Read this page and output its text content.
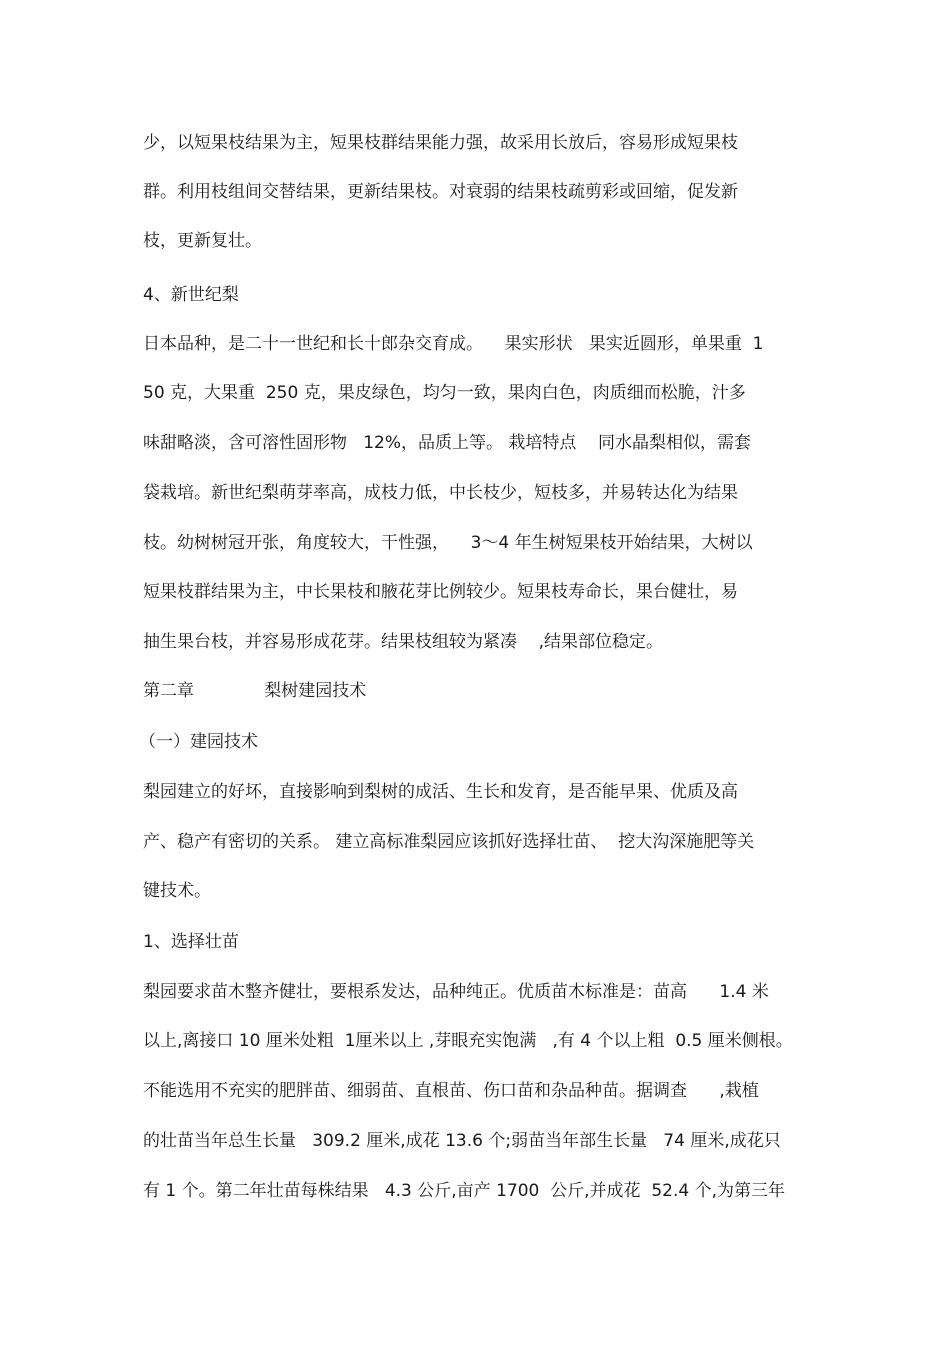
少，以短果枝结果为主，短果枝群结果能力强，故采用长放后，容易形成短果枝
群。利用枝组间交替结果，更新结果枝。对衰弱的结果枝疏剪彩或回缩，促发新
枝，更新复壮。
4、新世纪梨
日本品种，是二十一世纪和长十郎杂交育成。    果实形状   果实近圆形，单果重  1
50 克，大果重  250 克，果皮绿色，均匀一致，果肉白色，肉质细而松脆，汁多
味甜略淡，含可溶性固形物   12%，品质上等。 栽培特点    同水晶梨相似，需套
袋栽培。新世纪梨萌芽率高，成枝力低，中长枝少，短枝多，并易转达化为结果
枝。幼树树冠开张，角度较大，干性强，    3～4 年生树短果枝开始结果，大树以
短果枝群结果为主，中长果枝和腋花芽比例较少。短果枝寿命长，果台健壮，易
抽生果台枝，并容易形成花芽。结果枝组较为紧凑    ,结果部位稳定。
第二章             梨树建园技术
（一）建园技术
梨园建立的好坏，直接影响到梨树的成活、生长和发育，是否能早果、优质及高
产、稳产有密切的关系。 建立高标准梨园应该抓好选择壮苗、  挖大沟深施肥等关
键技术。
1、选择壮苗
梨园要求苗木整齐健壮，要根系发达，品种纯正。优质苗木标准是：苗高      1.4 米
以上,离接口 10 厘米处粗  1厘米以上 ,芽眼充实饱满   ,有 4 个以上粗  0.5 厘米侧根。
不能选用不充实的肥胖苗、细弱苗、直根苗、伤口苗和杂品种苗。据调查      ,栽植
的壮苗当年总生长量   309.2 厘米,成花 13.6 个;弱苗当年部生长量   74 厘米,成花只
有 1 个。第二年壮苗每株结果   4.3 公斤,亩产 1700  公斤,并成花  52.4 个,为第三年
